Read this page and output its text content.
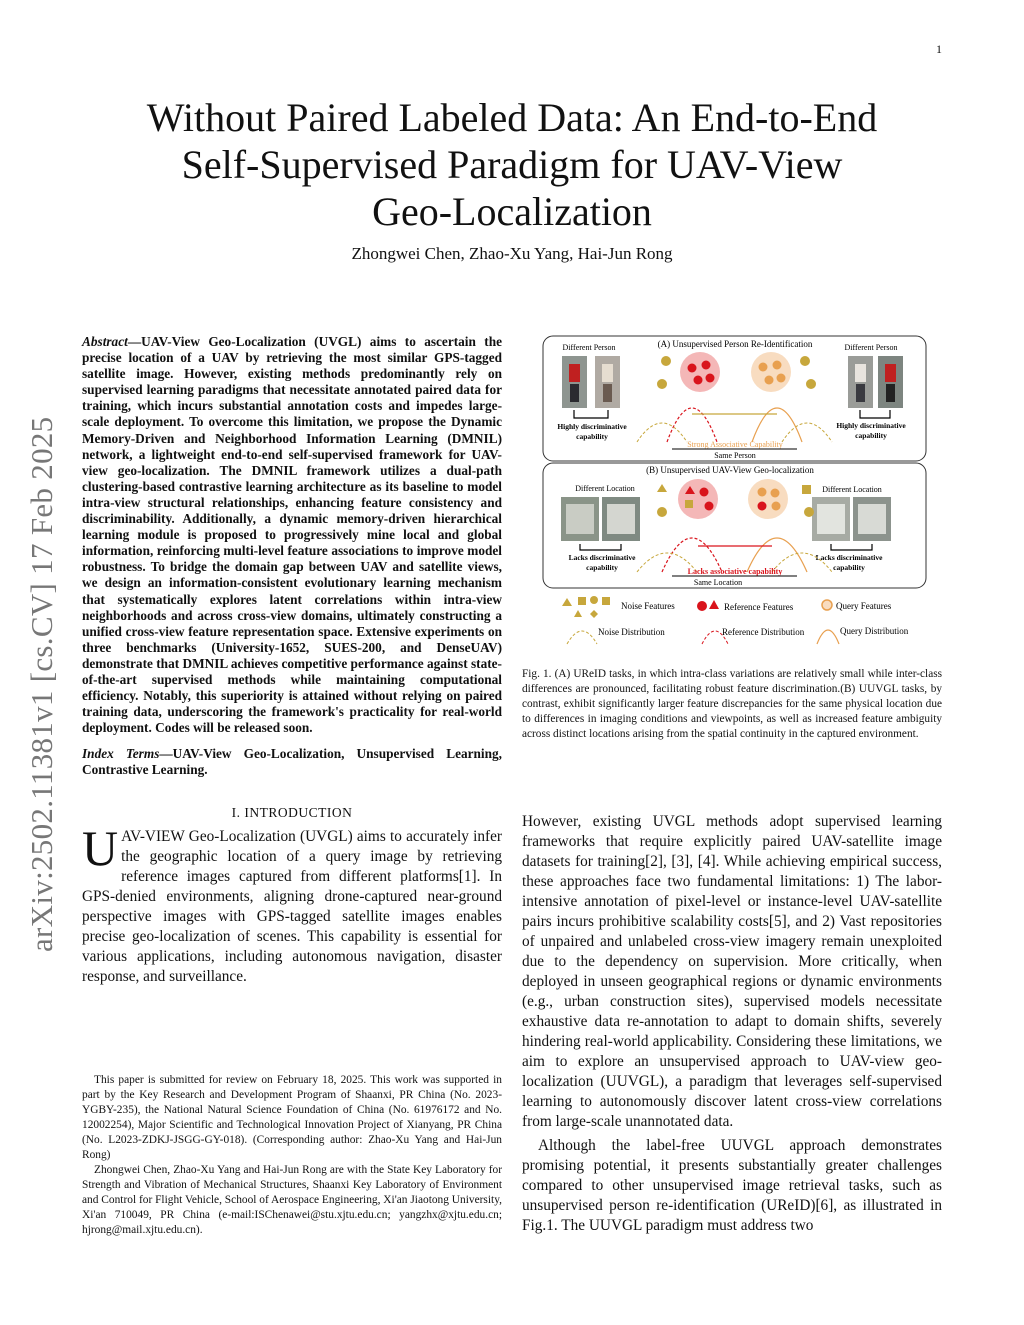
1
arXiv:2502.11381v1 [cs.CV] 17 Feb 2025
Without Paired Labeled Data: An End-to-End
Self-Supervised Paradigm for UAV-View
Geo-Localization
Zhongwei Chen, Zhao-Xu Yang, Hai-Jun Rong

Abstract—UAV-View Geo-Localization (UVGL) aims to ascertain the precise location of a UAV by retrieving the most similar GPS-tagged satellite image. However, existing methods predominantly rely on supervised learning paradigms that necessitate annotated paired data for training, which incurs substantial annotation costs and impedes large-scale deployment. To overcome this limitation, we propose the Dynamic Memory-Driven and Neighborhood Information Learning (DMNIL) network, a lightweight end-to-end self-supervised framework for UAV-view geo-localization. The DMNIL framework utilizes a dual-path clustering-based contrastive learning architecture as its baseline to model intra-view structural relationships, enhancing feature consistency and discriminability. Additionally, a dynamic memory-driven hierarchical learning module is proposed to progressively mine local and global information, reinforcing multi-level feature associations to improve model robustness. To bridge the domain gap between UAV and satellite views, we design an information-consistent evolutionary learning mechanism that systematically explores latent correlations within intra-view neighborhoods and across cross-view domains, ultimately constructing a unified cross-view feature representation space. Extensive experiments on three benchmarks (University-1652, SUES-200, and DenseUAV) demonstrate that DMNIL achieves competitive performance against state-of-the-art supervised methods while maintaining computational efficiency. Notably, this superiority is attained without relying on paired training data, underscoring the framework's practicality for real-world deployment. Codes will be released soon.

Index Terms—UAV-View Geo-Localization, Unsupervised Learning, Contrastive Learning.

I. INTRODUCTION

UAV-VIEW Geo-Localization (UVGL) aims to accurately infer the geographic location of a query image by retrieving reference images captured from different platforms[1]. In GPS-denied environments, aligning drone-captured near-ground perspective images with GPS-tagged satellite images enables precise geo-localization of scenes. This capability is essential for various applications, including autonomous navigation, disaster response, and surveillance.

This paper is submitted for review on February 18, 2025. This work was supported in part by the Key Research and Development Program of Shaanxi, PR China (No. 2023-YGBY-235), the National Natural Science Foundation of China (No. 61976172 and No. 12002254), Major Scientific and Technological Innovation Project of Xianyang, PR China (No. L2023-ZDKJ-JSGG-GY-018). (Corresponding author: Zhao-Xu Yang and Hai-Jun Rong)

Zhongwei Chen, Zhao-Xu Yang and Hai-Jun Rong are with the State Key Laboratory for Strength and Vibration of Mechanical Structures, Shaanxi Key Laboratory of Environment and Control for Flight Vehicle, School of Aerospace Engineering, Xi'an Jiaotong University, Xi'an 710049, PR China (e-mail:ISChenawei@stu.xjtu.edu.cn; yangzhx@xjtu.edu.cn; hjrong@mail.xjtu.edu.cn).

(A) Unsupervised Person Re-Identification
Different Person	Different Person
Highly discriminative
capability
Highly discriminative
capability
Strong Associative Capability
Same Person
(B) Unsupervised UAV-View Geo-localization
Different Location	Different Location
Lacks discriminative
capability
Lacks discriminative
capability
Lacks associative capability
Same Location
Noise Features	Reference Features	Query Features
Noise Distribution	Reference Distribution	Query Distribution

Fig. 1. (A) UReID tasks, in which intra-class variations are relatively small while inter-class differences are pronounced, facilitating robust feature discrimination.(B) UUVGL tasks, by contrast, exhibit significantly larger feature discrepancies for the same physical location due to differences in imaging conditions and viewpoints, as well as increased feature ambiguity across distinct locations arising from the spatial continuity in the captured environment.

However, existing UVGL methods adopt supervised learning frameworks that require explicitly paired UAV-satellite image datasets for training[2], [3], [4]. While achieving empirical success, these approaches face two fundamental limitations: 1) The labor-intensive annotation of pixel-level or instance-level UAV-satellite pairs incurs prohibitive scalability costs[5], and 2) Vast repositories of unpaired and unlabeled cross-view imagery remain unexploited due to the dependency on supervision. More critically, when deployed in unseen geographical regions or dynamic environments (e.g., urban construction sites), supervised models necessitate exhaustive data re-annotation to adapt to domain shifts, severely hindering real-world applicability. Considering these limitations, we aim to explore an unsupervised approach to UAV-view geo-localization (UUVGL), a paradigm that leverages self-supervised learning to autonomously discover latent cross-view correlations from large-scale unannotated data.

Although the label-free UUVGL approach demonstrates promising potential, it presents substantially greater challenges compared to other unsupervised image retrieval tasks, such as unsupervised person re-identification (UReID)[6], as illustrated in Fig.1. The UUVGL paradigm must address two
